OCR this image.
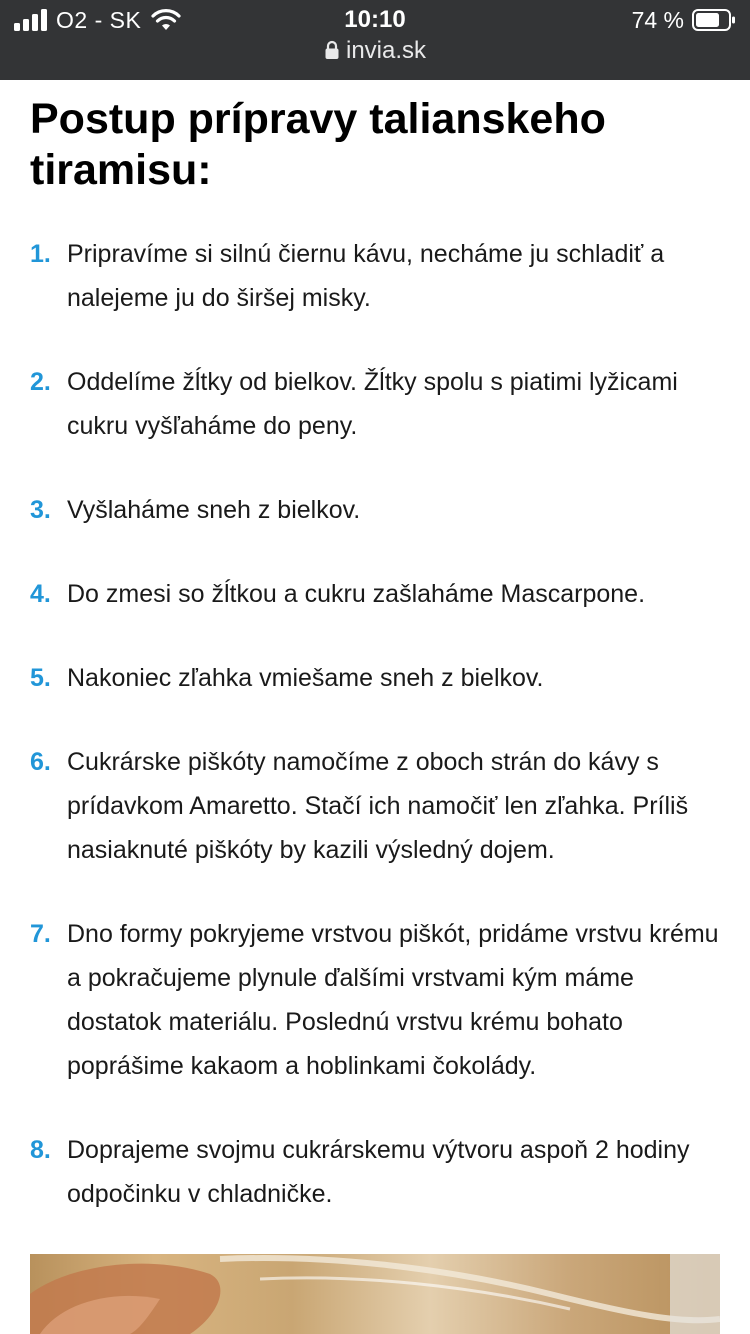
O2 - SK	10:10	74 %
invia.sk
Postup prípravy talianskeho tiramisu:
1. Pripravíme si silnú čiernu kávu, necháme ju schladiť a nalejeme ju do širšej misky.
2. Oddelíme žĺtky od bielkov. Žĺtky spolu s piatimi lyžicami cukru vyšľaháme do peny.
3. Vyšlaháme sneh z bielkov.
4. Do zmesi so žĺtkou a cukru zašlaháme Mascarpone.
5. Nakoniec zľahka vmiešame sneh z bielkov.
6. Cukrárske piškóty namočíme z oboch strán do kávy s prídavkom Amaretto. Stačí ich namočiť len zľahka. Príliš nasiaknuté piškóty by kazili výsledný dojem.
7. Dno formy pokryjeme vrstvou piškót, pridáme vrstvu krému a pokračujeme plynule ďalšími vrstvami kým máme dostatok materiálu. Poslednú vrstvu krému bohato poprášime kakaom a hoblinkami čokolády.
8. Doprajeme svojmu cukrárskemu výtvoru aspoň 2 hodiny odpočinku v chladničke.
